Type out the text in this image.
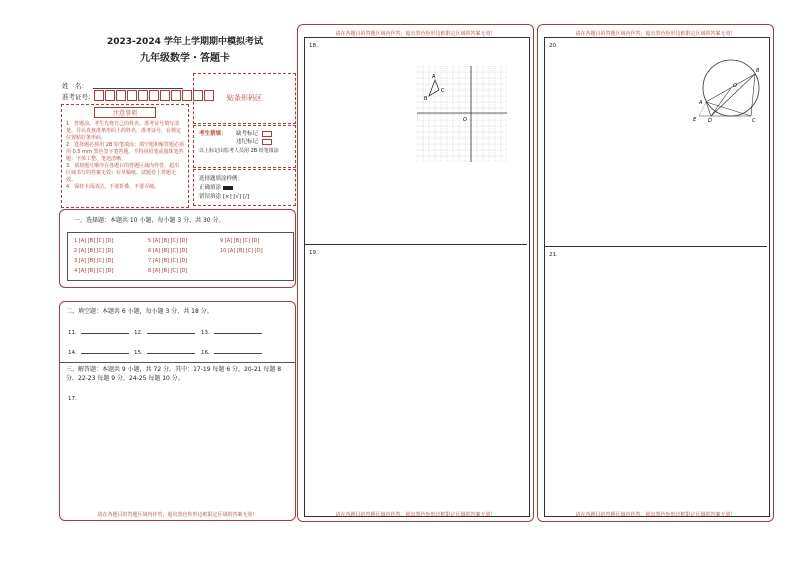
2023-2024 学年上学期期中模拟考试
九年级数学・答题卡
姓　名：
准考证号：	贴条形码区
注意事项
1．答题前，考生先将自己的姓名、准考证号填写清楚，并认真核准条形码上的姓名、准考证号，在规定位置贴好条形码。
2．选择题必须用 2B 铅笔填涂；填空题和解答题必须用 0.5 mm 黑色签字笔答题，不得用铅笔或圆珠笔答题；字体工整、笔迹清晰。
3．请按题号顺序在各题目的答题区域内作答，超出区域书写的答案无效；在草稿纸、试题卷上答题无效。
4．保持卡面清洁，不要折叠、不要弄破。
考生禁填： 缺考标记
违纪标记
以上标记由监考人员用 2B 铅笔填涂
选择题填涂样例：
正确填涂
错误填涂 [×] [√] [/]
一、选择题：本题共 10 小题，每小题 3 分，共 30 分。
1 [A] [B] [C] [D]
2 [A] [B] [C] [D]
3 [A] [B] [C] [D]
4 [A] [B] [C] [D]
5 [A] [B] [C] [D]
6 [A] [B] [C] [D]
7 [A] [B] [C] [D]
8 [A] [B] [C] [D]
9 [A] [B] [C] [D]
10 [A] [B] [C] [D]
二、填空题：本题共 6 小题，每小题 3 分，共 18 分。
11．	12．	13．
14．	15．	16．
三、解答题：本题共 9 小题，共 72 分。其中：17-19 每题 6 分，20-21 每题 8 分，22-23 每题 9 分，24-25 每题 10 分。
17.
请在各题目的答题区域内作答，超出黑色矩形边框限定区域的答案无效！
请在各题目的答题区域内作答，超出黑色矩形边框限定区域的答案无效！
18.
A
C
B
O
19.
请在各题目的答题区域内作答，超出黑色矩形边框限定区域的答案无效！
请在各题目的答题区域内作答，超出黑色矩形边框限定区域的答案无效！
20.
B
A
E D	C
O
21.
请在各题目的答题区域内作答，超出黑色矩形边框限定区域的答案无效！
